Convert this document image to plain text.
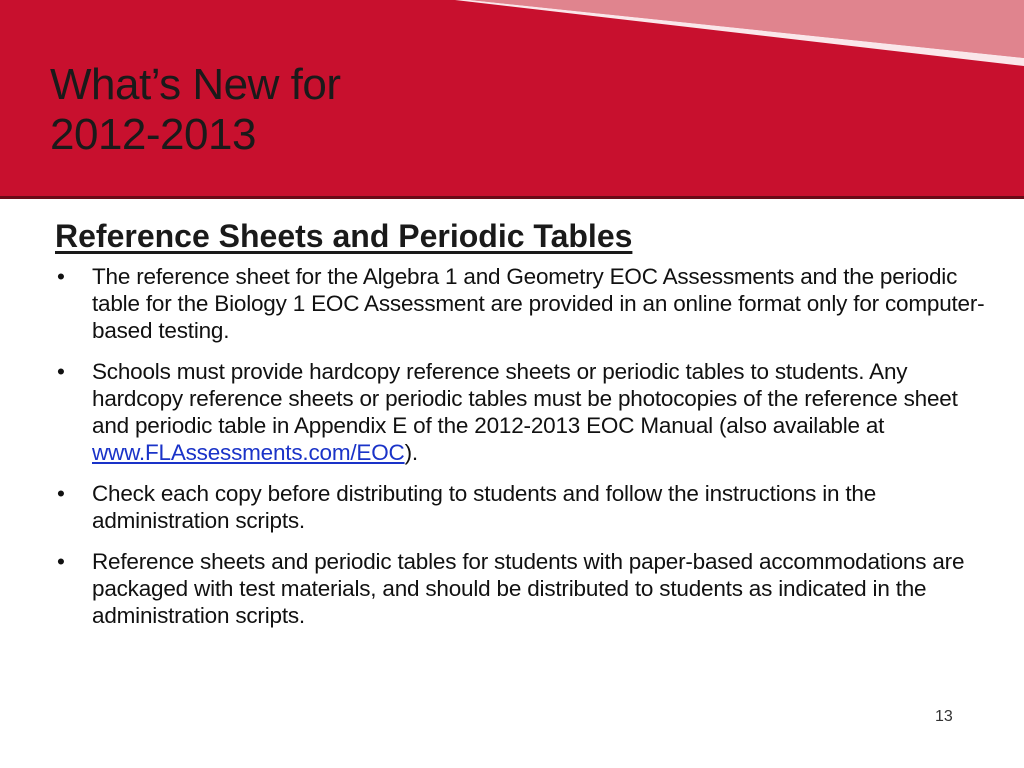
What’s New for
2012-2013
Reference Sheets and Periodic Tables
• The reference sheet for the Algebra 1 and Geometry EOC Assessments and the periodic table for the Biology 1 EOC Assessment are provided in an online format only for computer-based testing.
• Schools must provide hardcopy reference sheets or periodic tables to students. Any hardcopy reference sheets or periodic tables must be photocopies of the reference sheet and periodic table in Appendix E of the 2012-2013 EOC Manual (also available at www.FLAssessments.com/EOC).
• Check each copy before distributing to students and follow the instructions in the administration scripts.
• Reference sheets and periodic tables for students with paper-based accommodations are packaged with test materials, and should be distributed to students as indicated in the administration scripts.
13
